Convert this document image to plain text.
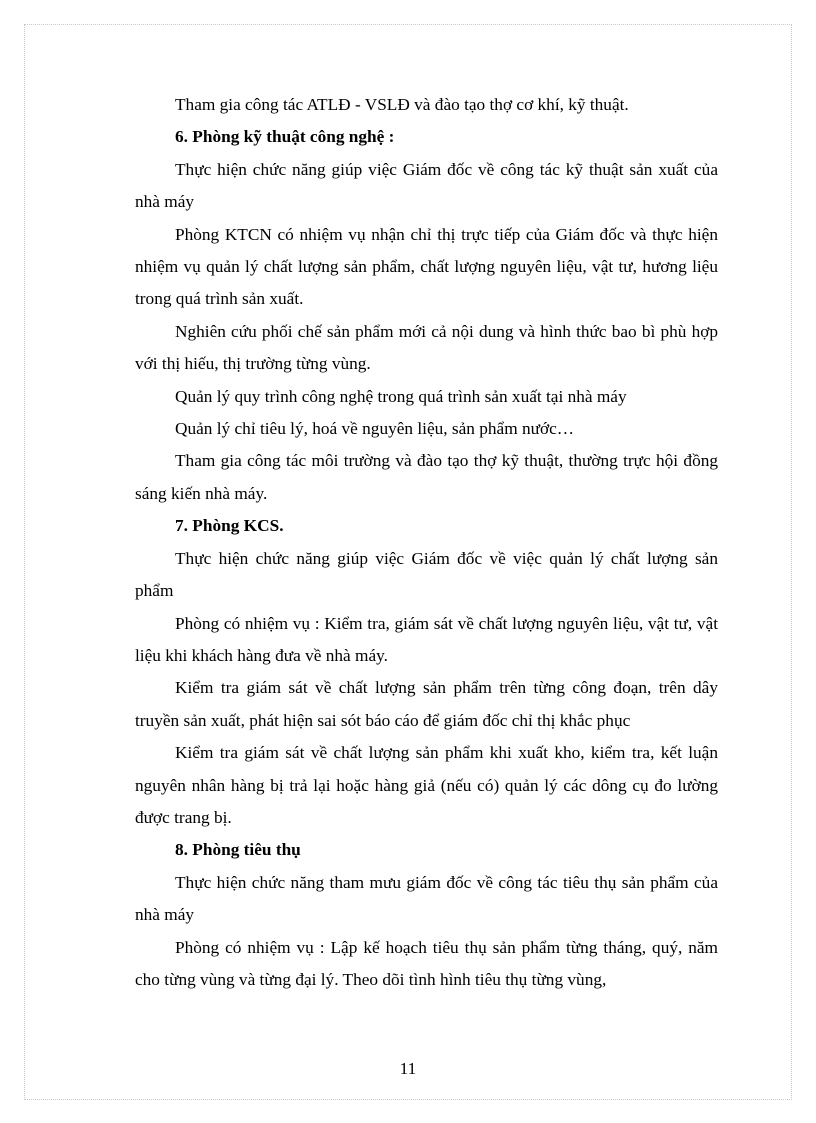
Tham gia công tác ATLĐ - VSLĐ và đào tạo thợ cơ khí, kỹ thuật.

6. Phòng kỹ thuật công nghệ :

Thực hiện chức năng giúp việc Giám đốc về công tác kỹ thuật sản xuất của nhà máy

Phòng KTCN có nhiệm vụ nhận chỉ thị trực tiếp của Giám đốc và thực hiện nhiệm vụ quản lý chất lượng sản phẩm, chất lượng nguyên liệu, vật tư, hương liệu trong quá trình sản xuất.

Nghiên cứu phối chế sản phẩm mới cả nội dung và hình thức bao bì phù hợp với thị hiếu, thị trường từng vùng.

Quản lý quy trình công nghệ trong quá trình sản xuất tại nhà máy

Quản lý chỉ tiêu lý, hoá về nguyên liệu, sản phẩm nước…

Tham gia công tác môi trường và đào tạo thợ kỹ thuật, thường trực hội đồng sáng kiến nhà máy.

7. Phòng KCS.

Thực hiện chức năng giúp việc Giám đốc về việc quản lý chất lượng sản phẩm

Phòng có nhiệm vụ : Kiểm tra, giám sát về chất lượng nguyên liệu, vật tư, vật liệu khi khách hàng đưa về nhà máy.

Kiểm tra giám sát về chất lượng sản phẩm trên từng công đoạn, trên dây truyền sản xuất, phát hiện sai sót báo cáo để giám đốc chỉ thị khắc phục

Kiểm tra giám sát về chất lượng sản phẩm khi xuất kho, kiểm tra, kết luận nguyên nhân hàng bị trả lại hoặc hàng giả (nếu có) quản lý các dông cụ đo lường được trang bị.

8. Phòng tiêu thụ

Thực hiện chức năng tham mưu giám đốc về công tác tiêu thụ sản phẩm của nhà máy

Phòng có nhiệm vụ : Lập kế hoạch tiêu thụ sản phẩm từng tháng, quý, năm cho từng vùng và từng đại lý. Theo dõi tình hình tiêu thụ từng vùng,

11
